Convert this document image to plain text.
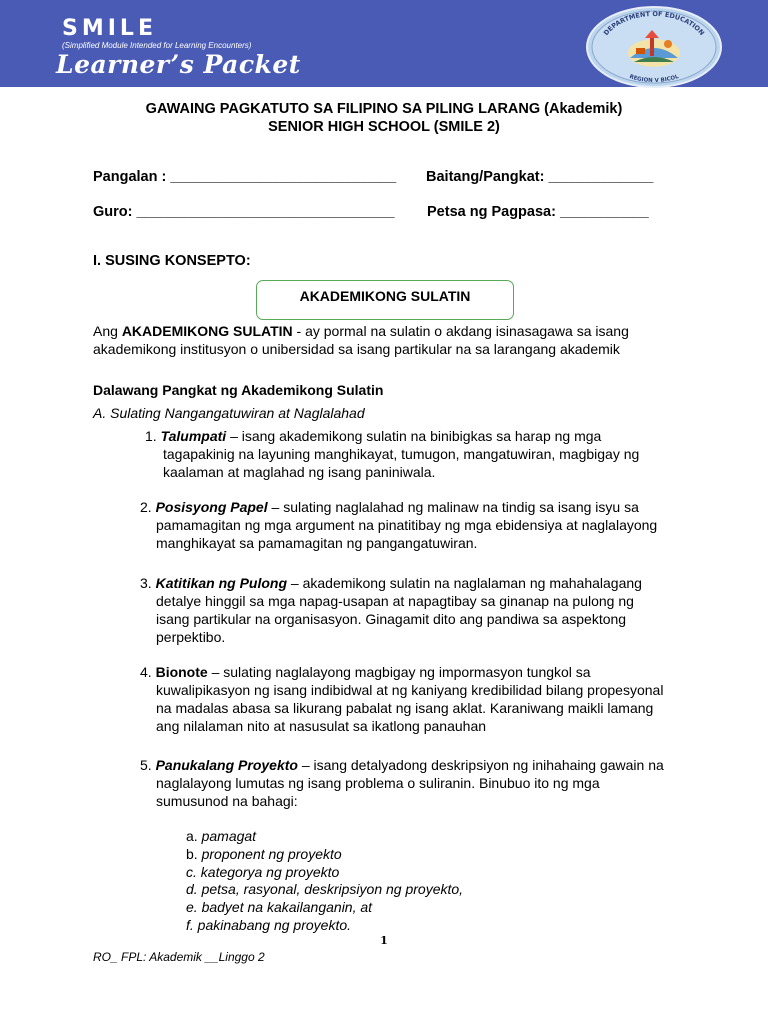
SMILE
(Simplified Module Intended for Learning Encounters)
Learner’s Packet
DEPARTMENT OF EDUCATION
REGION V BICOL
GAWAING PAGKATUTO SA FILIPINO SA PILING LARANG (Akademik)
SENIOR HIGH SCHOOL (SMILE 2)
Pangalan : ____________________________ Baitang/Pangkat: _____________
Guro: ________________________________ Petsa ng Pagpasa: ___________
I. SUSING KONSEPTO:
AKADEMIKONG SULATIN
Ang AKADEMIKONG SULATIN - ay pormal na sulatin o akdang isinasagawa sa isang
akademikong institusyon o unibersidad sa isang partikular na sa larangang akademik
Dalawang Pangkat ng Akademikong Sulatin
A. Sulating Nangangatuwiran at Naglalahad
1. Talumpati – isang akademikong sulatin na binibigkas sa harap ng mga
tagapakinig na layuning manghikayat, tumugon, mangatuwiran, magbigay ng
kaalaman at maglahad ng isang paniniwala.
2. Posisyong Papel – sulating naglalahad ng malinaw na tindig sa isang isyu sa
pamamagitan ng mga argument na pinatitibay ng mga ebidensiya at naglalayong
manghikayat sa pamamagitan ng pangangatuwiran.
3. Katitikan ng Pulong – akademikong sulatin na naglalaman ng mahahalagang
detalye hinggil sa mga napag-usapan at napagtibay sa ginanap na pulong ng
isang partikular na organisasyon. Ginagamit dito ang pandiwa sa aspektong
perpektibo.
4. Bionote – sulating naglalayong magbigay ng impormasyon tungkol sa
kuwalipikasyon ng isang indibidwal at ng kaniyang kredibilidad bilang propesyonal
na madalas abasa sa likurang pabalat ng isang aklat. Karaniwang maikli lamang
ang nilalaman nito at nasusulat sa ikatlong panauhan
5. Panukalang Proyekto – isang detalyadong deskripsiyon ng inihahaing gawain na
naglalayong lumutas ng isang problema o suliranin. Binubuo ito ng mga
sumusunod na bahagi:
a. pamagat
b. proponent ng proyekto
c. kategorya ng proyekto
d. petsa, rasyonal, deskripsiyon ng proyekto,
e. badyet na kakailanganin, at
f. pakinabang ng proyekto.
1
RO_ FPL: Akademik __Linggo 2
